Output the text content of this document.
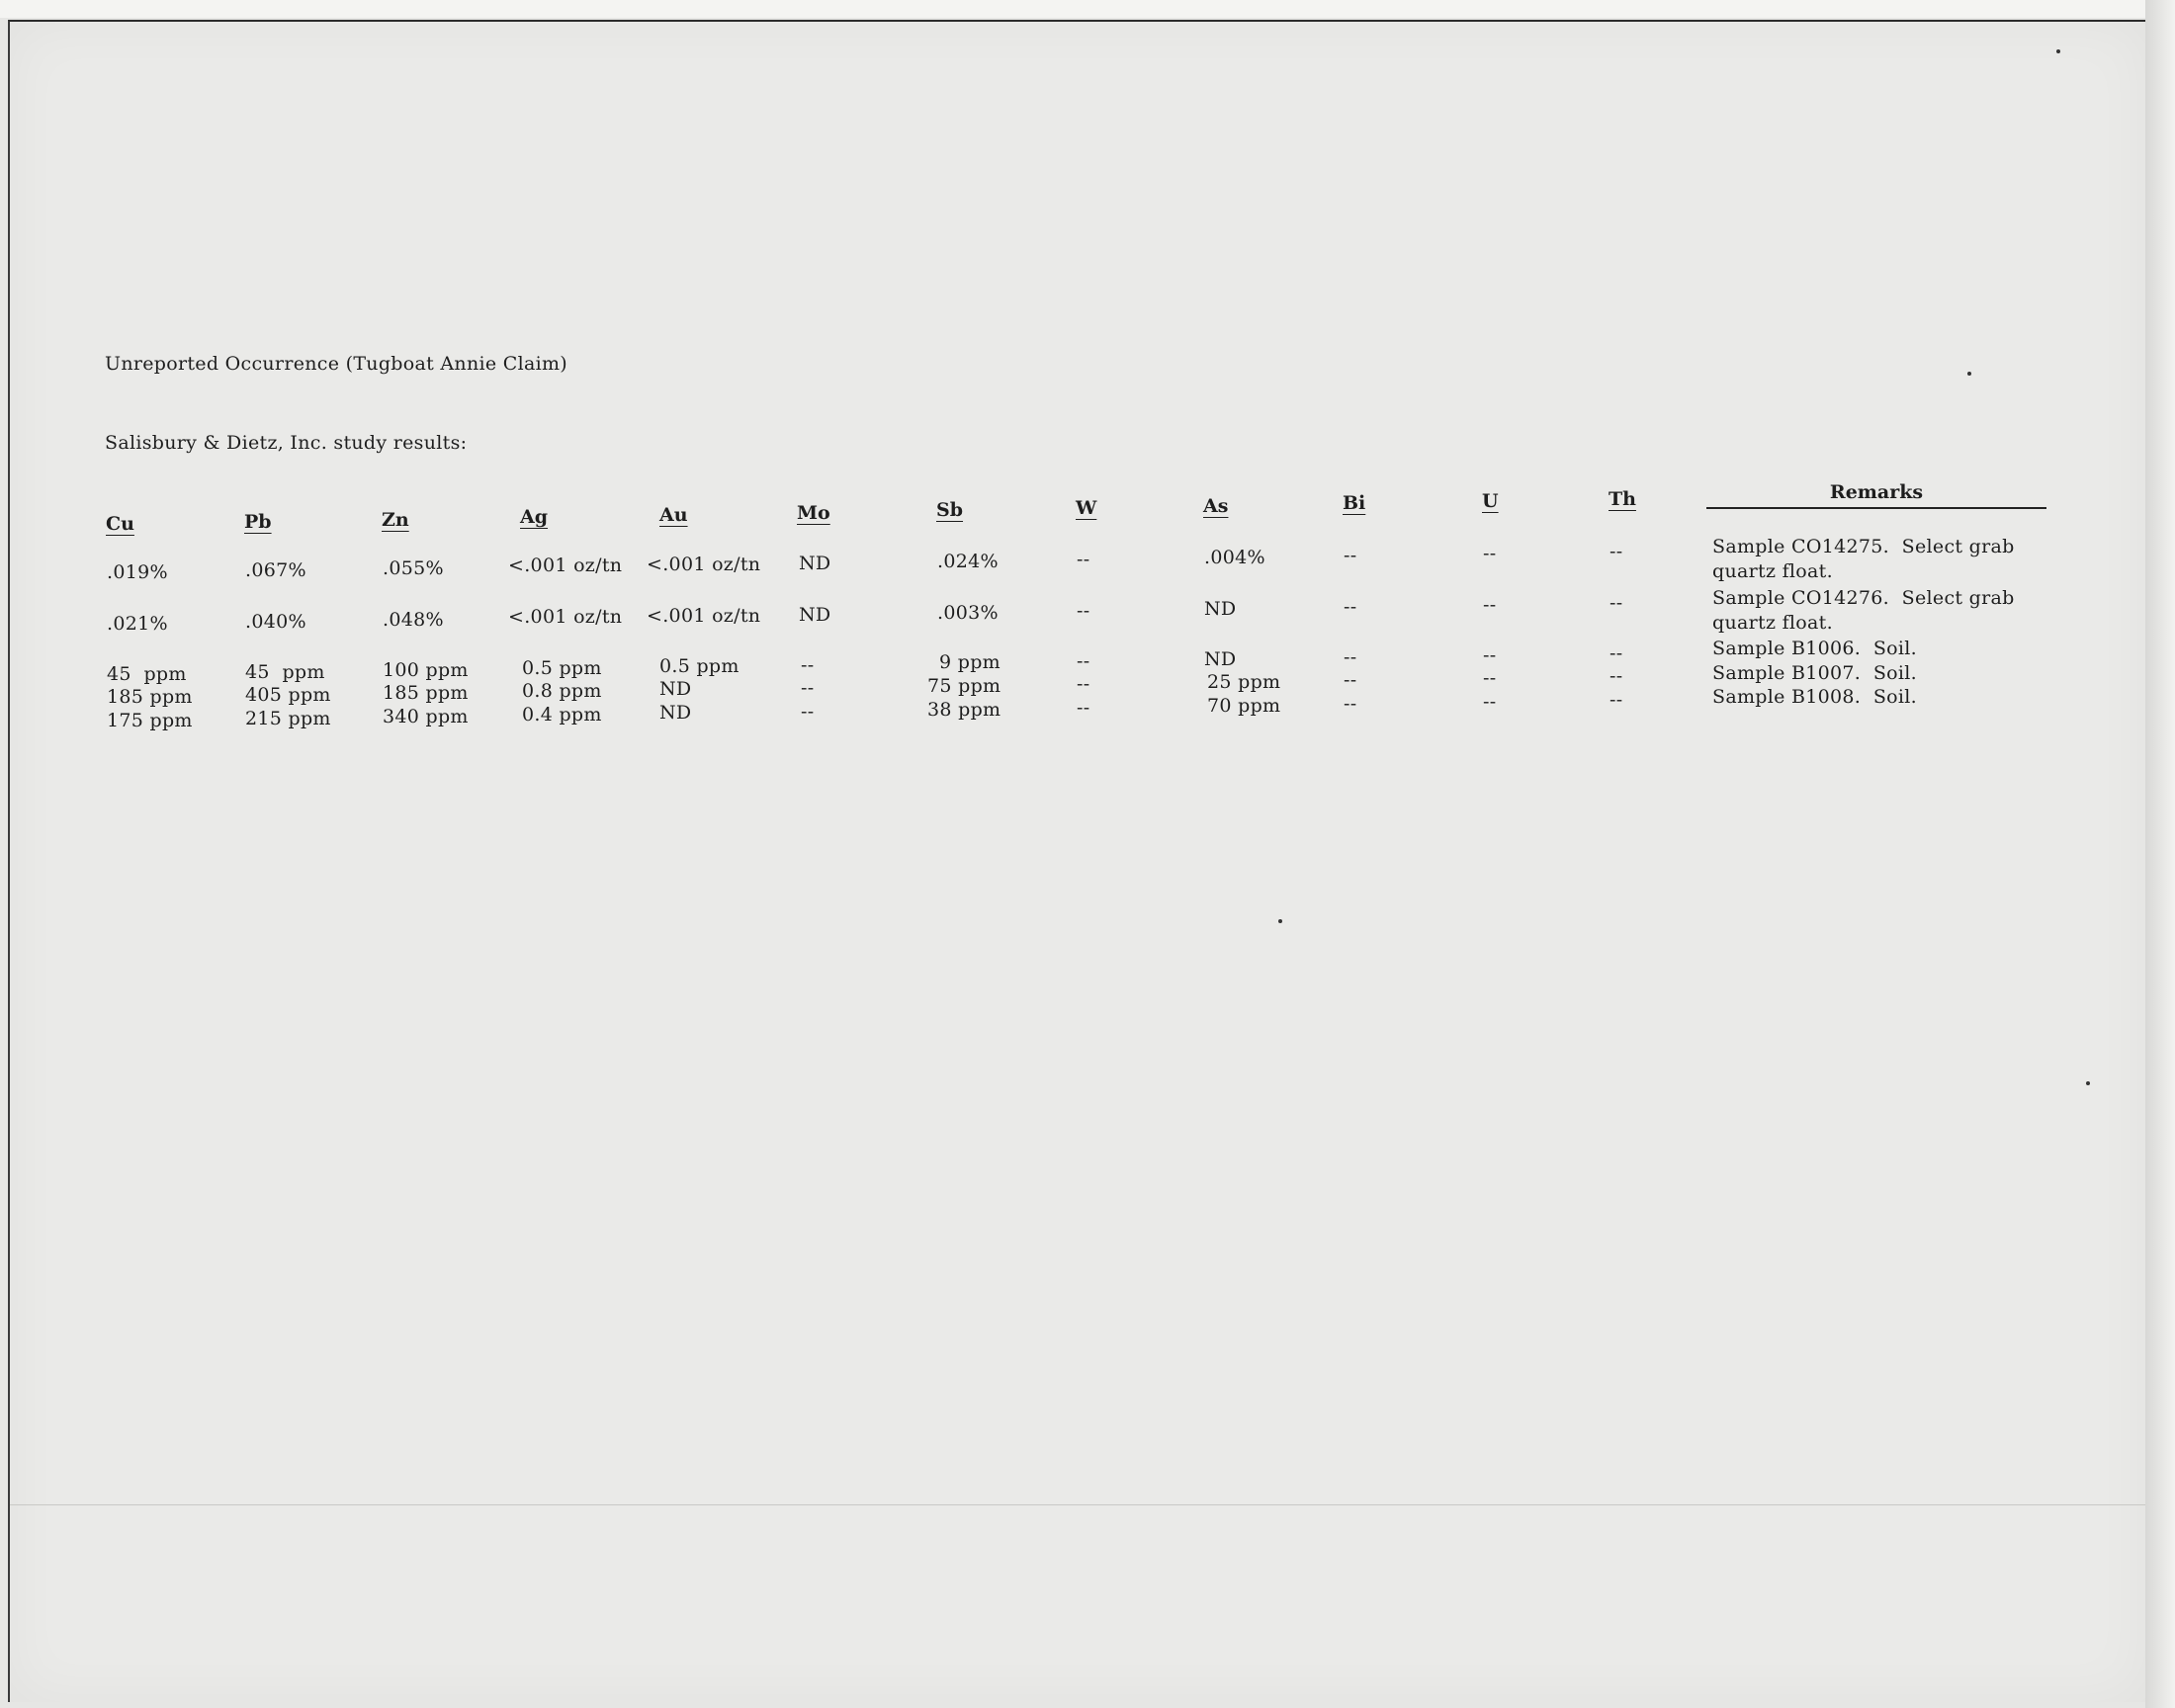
Unreported Occurrence (Tugboat Annie Claim)
Salisbury & Dietz, Inc. study results:
Cu	Pb	Zn	Ag	Au	Mo	Sb	W	As	Bi	U	Th	Remarks
.019%	.067%	.055%	<.001 oz/tn <.001 oz/tn ND	.024%	--	.004%	--	--	--	Sample CO14275.  Select grab
quartz float.
.021%	.040%	.048%	<.001 oz/tn <.001 oz/tn ND	.003%	--	ND	--	--	--	Sample CO14276.  Select grab
quartz float.
45  ppm	45  ppm	100 ppm	0.5 ppm	0.5 ppm	--	9 ppm	--	ND	--	--	--	Sample B1006.  Soil.
185 ppm	405 ppm	185 ppm	0.8 ppm	ND	--	75 ppm	--	25 ppm	--	--	--	Sample B1007.  Soil.
175 ppm	215 ppm	340 ppm	0.4 ppm	ND	--	38 ppm	--	70 ppm	--	--	--	Sample B1008.  Soil.
